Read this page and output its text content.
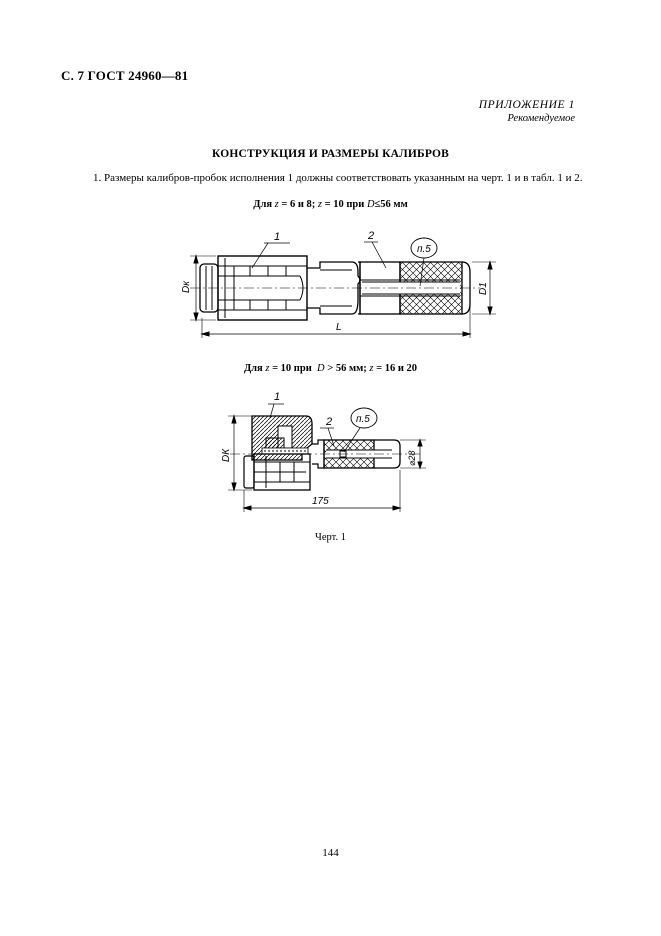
С. 7 ГОСТ 24960—81
ПРИЛОЖЕНИЕ 1
Рекомендуемое
КОНСТРУКЦИЯ И РАЗМЕРЫ КАЛИБРОВ
1. Размеры калибров-пробок исполнения 1 должны соответствовать указанным на черт. 1 и в табл. 1 и 2.
Для z = 6 и 8; z = 10 при D≤56 мм
Для z = 10 при D > 56 мм; z = 16 и 20
1	2
п.5
Dк	D1
L
1
2 п.5
DК	⌀28
175
Черт. 1
144
